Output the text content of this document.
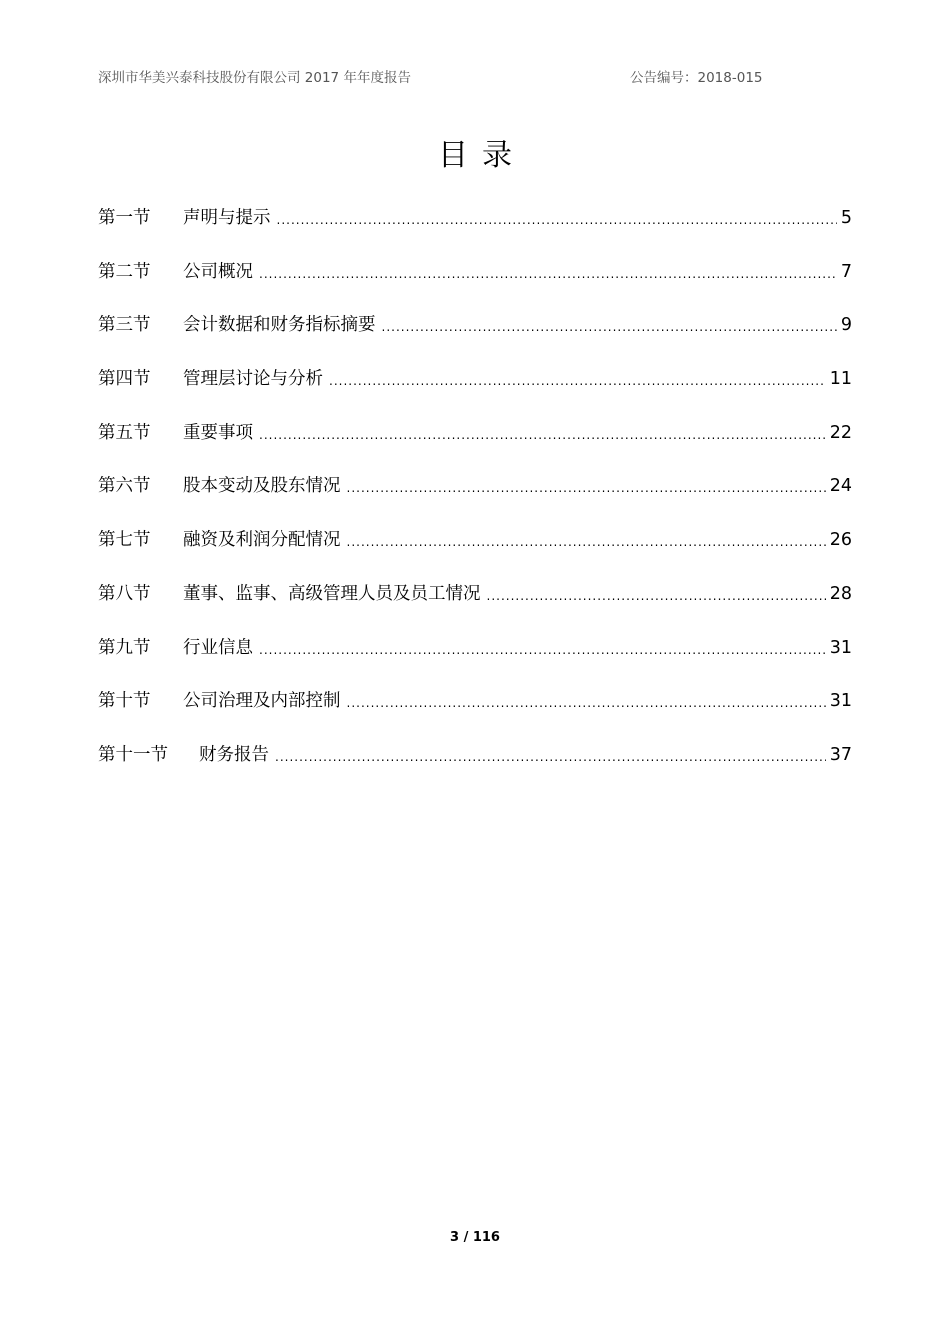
深圳市华美兴泰科技股份有限公司 2017 年年度报告	公告编号：2018-015
目录
第一节	声明与提示 .....	5
第二节	公司概况 .....	7
第三节	会计数据和财务指标摘要 .....	9
第四节	管理层讨论与分析 .....	11
第五节	重要事项 .....	22
第六节	股本变动及股东情况 .....	24
第七节	融资及利润分配情况 .....	26
第八节	董事、监事、高级管理人员及员工情况 .....	28
第九节	行业信息 .....	31
第十节	公司治理及内部控制 .....	31
第十一节	财务报告 .....	37
3 / 116
